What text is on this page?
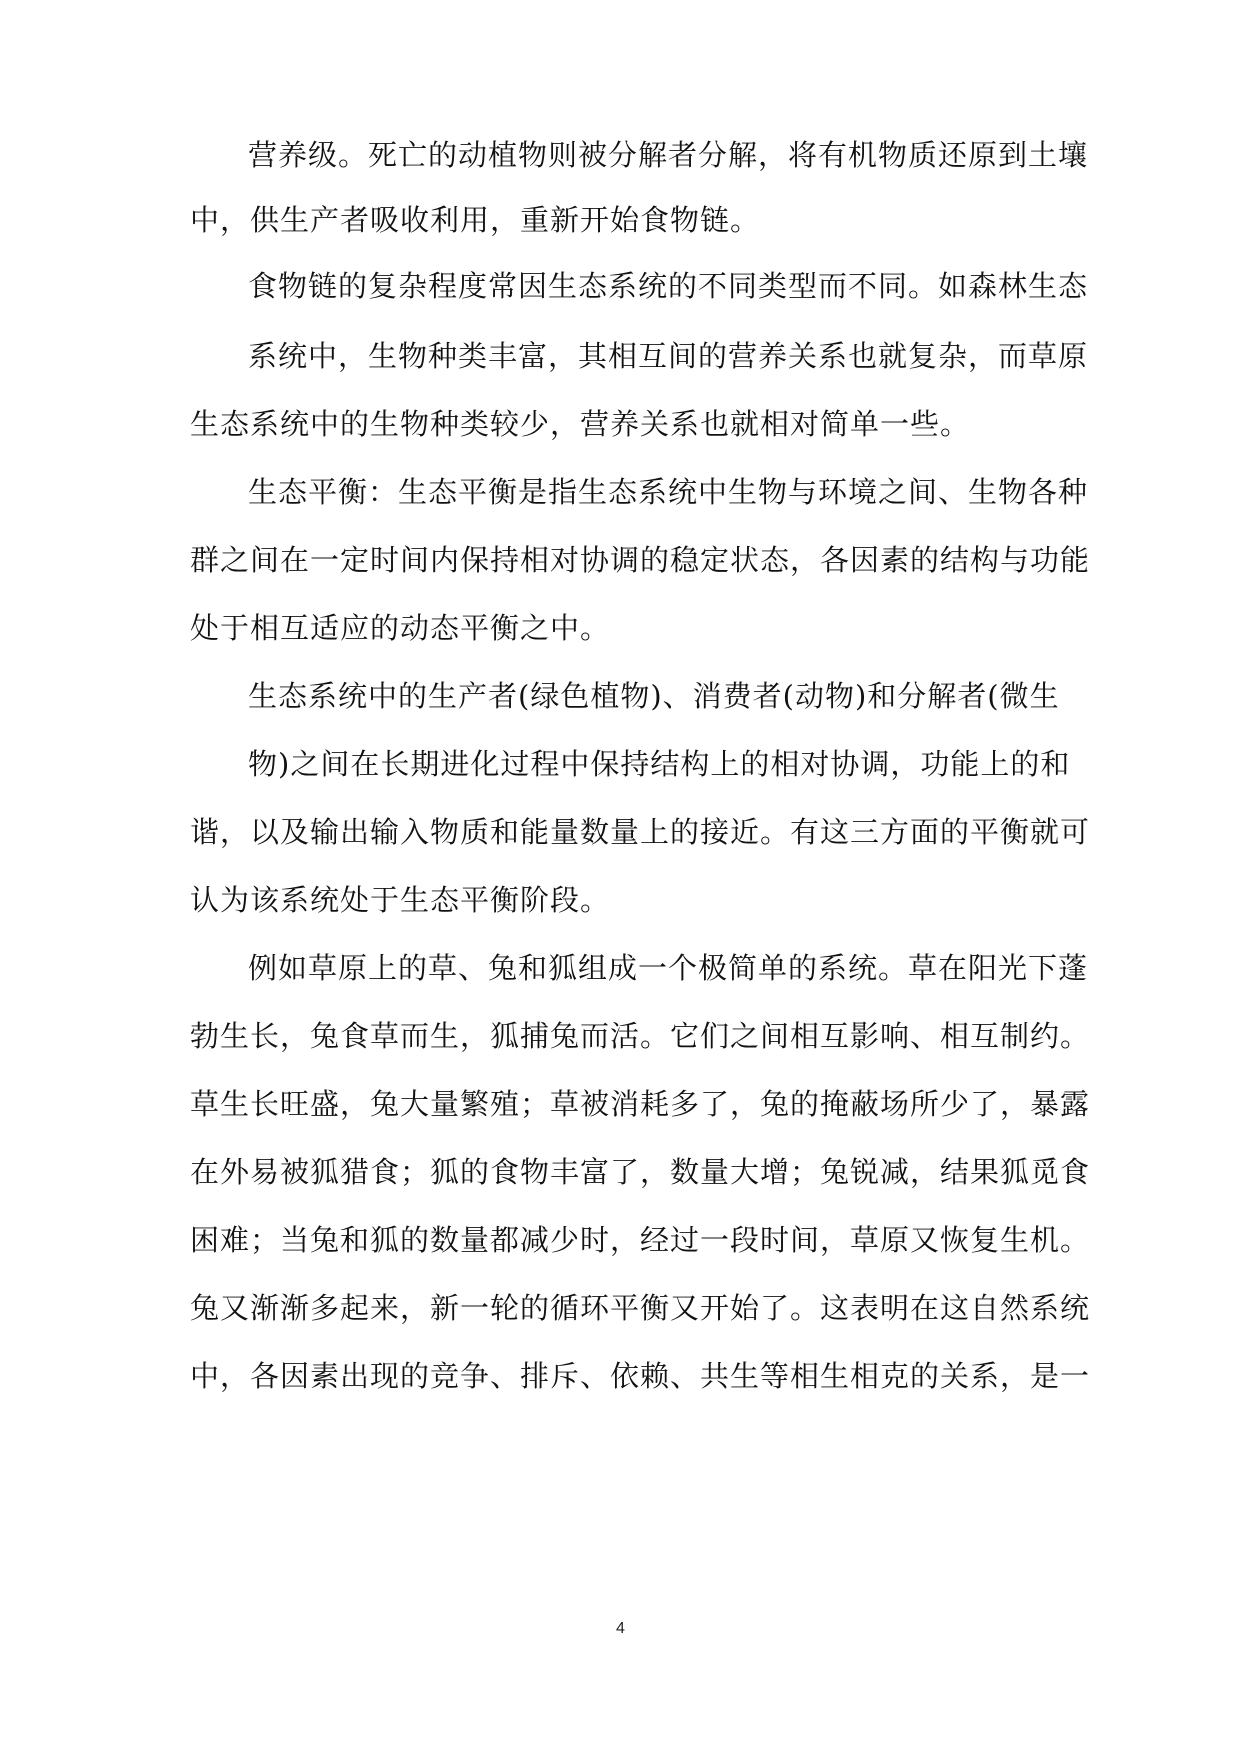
营养级。死亡的动植物则被分解者分解，将有机物质还原到土壤
中，供生产者吸收利用，重新开始食物链。
食物链的复杂程度常因生态系统的不同类型而不同。如森林生态
系统中，生物种类丰富，其相互间的营养关系也就复杂，而草原
生态系统中的生物种类较少，营养关系也就相对简单一些。
生态平衡：生态平衡是指生态系统中生物与环境之间、生物各种
群之间在一定时间内保持相对协调的稳定状态，各因素的结构与功能
处于相互适应的动态平衡之中。
生态系统中的生产者(绿色植物)、消费者(动物)和分解者(微生
物)之间在长期进化过程中保持结构上的相对协调，功能上的和
谐，以及输出输入物质和能量数量上的接近。有这三方面的平衡就可
认为该系统处于生态平衡阶段。
例如草原上的草、兔和狐组成一个极简单的系统。草在阳光下蓬
勃生长，兔食草而生，狐捕兔而活。它们之间相互影响、相互制约。
草生长旺盛，兔大量繁殖；草被消耗多了，兔的掩蔽场所少了，暴露
在外易被狐猎食；狐的食物丰富了，数量大增；兔锐减，结果狐觅食
困难；当兔和狐的数量都减少时，经过一段时间，草原又恢复生机。
兔又渐渐多起来，新一轮的循环平衡又开始了。这表明在这自然系统
中，各因素出现的竞争、排斥、依赖、共生等相生相克的关系，是一
4
